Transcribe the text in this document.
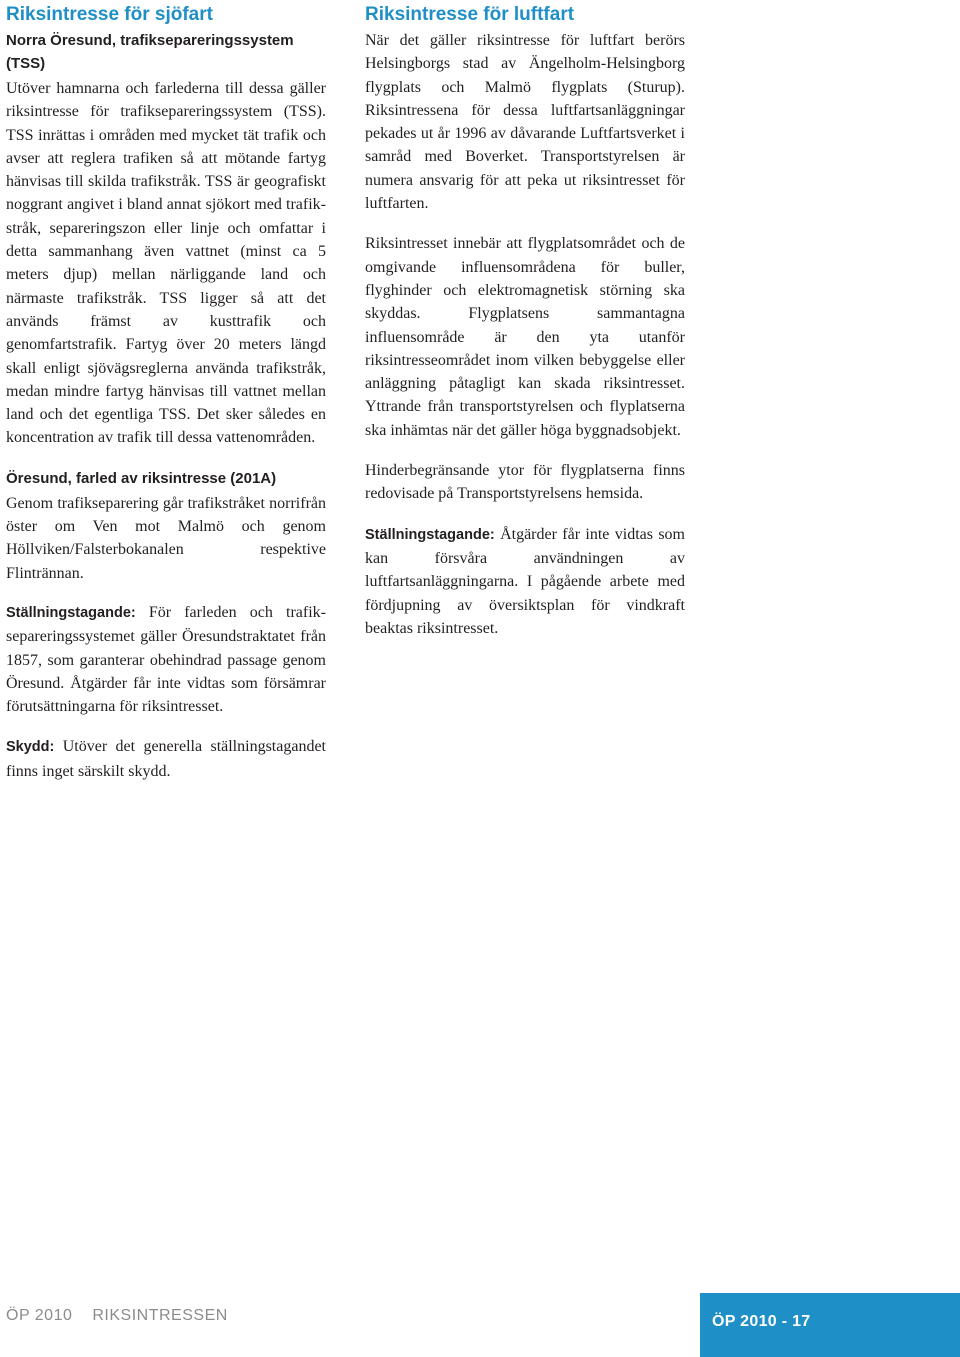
Riksintresse för sjöfart
Norra Öresund, trafiksepareringssystem (TSS)

Utöver hamnarna och farlederna till dessa gäller riksintresse för trafiksepareringssystem (TSS). TSS inrättas i områden med mycket tät trafik och avser att reglera trafiken så att mötande fartyg hänvisas till skilda trafikstråk. TSS är geografiskt noggrant angivet i bland annat sjökort med trafikstråk, separeringszon eller linje och omfattar i detta sammanhang även vattnet (minst ca 5 meters djup) mellan närliggande land och närmaste trafikstråk. TSS ligger så att det används främst av kusttrafik och genomfartstrafik. Fartyg över 20 meters längd skall enligt sjövägsreglerna använda trafikstråk, medan mindre fartyg hänvisas till vattnet mellan land och det egentliga TSS. Det sker således en koncentration av trafik till dessa vattenområden.

Öresund, farled av riksintresse (201A)

Genom trafikseparering går trafikstråket norrifrån öster om Ven mot Malmö och genom Höllviken/Falsterbokanalen respektive Flintrännan.

Ställningstagande: För farleden och trafiksepareringssystemet gäller Öresundstraktatet från 1857, som garanterar obehindrad passage genom Öresund. Åtgärder får inte vidtas som försämrar förutsättningarna för riksintresset.

Skydd: Utöver det generella ställningstagandet finns inget särskilt skydd.

Riksintresse för luftfart

När det gäller riksintresse för luftfart berörs Helsingborgs stad av Ängelholm-Helsingborg flygplats och Malmö flygplats (Sturup). Riksintressena för dessa luftfartsanläggningar pekades ut år 1996 av dåvarande Luftfartsverket i samråd med Boverket. Transportstyrelsen är numera ansvarig för att peka ut riksintresset för luftfarten.

Riksintresset innebär att flygplatsområdet och de omgivande influensområdena för buller, flyghinder och elektromagnetisk störning ska skyddas. Flygplatsens sammantagna influensområde är den yta utanför riksintresseområdet inom vilken bebyggelse eller anläggning påtagligt kan skada riksintresset. Yttrande från transportstyrelsen och flyplatserna ska inhämtas när det gäller höga byggnadsobjekt.

Hinderbegränsande ytor för flygplatserna finns redovisade på Transportstyrelsens hemsida.

Ställningstagande: Åtgärder får inte vidtas som kan försvåra användningen av luftfartsanläggningarna. I pågående arbete med fördjupning av översiktsplan för vindkraft beaktas riksintresset.

ÖP 2010 RIKSINTRESSEN	ÖP 2010 - 17
